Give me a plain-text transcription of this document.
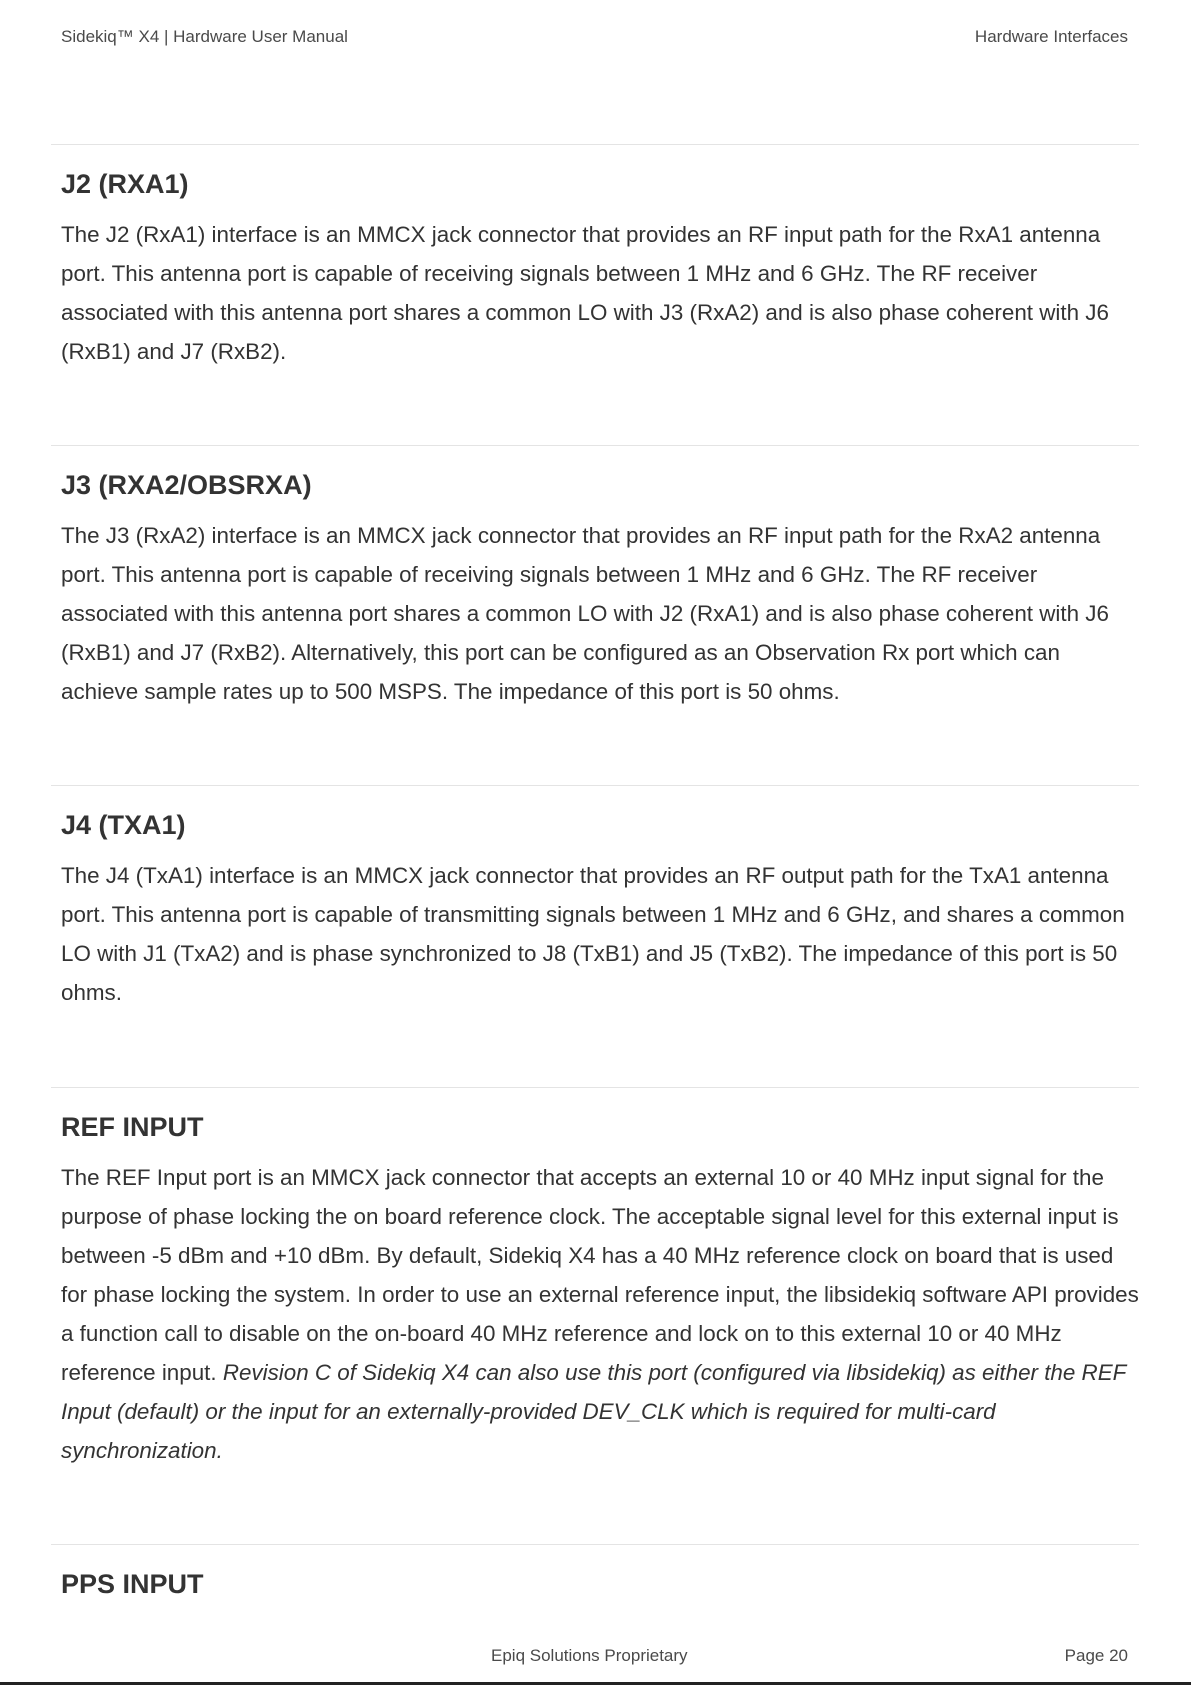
Sidekiq™ X4 | Hardware User Manual	Hardware Interfaces
J2 (RXA1)

The J2 (RxA1) interface is an MMCX jack connector that provides an RF input path for the RxA1 antenna port. This antenna port is capable of receiving signals between 1 MHz and 6 GHz. The RF receiver associated with this antenna port shares a common LO with J3 (RxA2) and is also phase coherent with J6 (RxB1) and J7 (RxB2).

J3 (RXA2/OBSRXA)

The J3 (RxA2) interface is an MMCX jack connector that provides an RF input path for the RxA2 antenna port. This antenna port is capable of receiving signals between 1 MHz and 6 GHz. The RF receiver associated with this antenna port shares a common LO with J2 (RxA1) and is also phase coherent with J6 (RxB1) and J7 (RxB2). Alternatively, this port can be configured as an Observation Rx port which can achieve sample rates up to 500 MSPS. The impedance of this port is 50 ohms.

J4 (TXA1)

The J4 (TxA1) interface is an MMCX jack connector that provides an RF output path for the TxA1 antenna port. This antenna port is capable of transmitting signals between 1 MHz and 6 GHz, and shares a common LO with J1 (TxA2) and is phase synchronized to J8 (TxB1) and J5 (TxB2). The impedance of this port is 50 ohms.

REF INPUT

The REF Input port is an MMCX jack connector that accepts an external 10 or 40 MHz input signal for the purpose of phase locking the on board reference clock. The acceptable signal level for this external input is between -5 dBm and +10 dBm. By default, Sidekiq X4 has a 40 MHz reference clock on board that is used for phase locking the system. In order to use an external reference input, the libsidekiq software API provides a function call to disable on the on-board 40 MHz reference and lock on to this external 10 or 40 MHz reference input. Revision C of Sidekiq X4 can also use this port (configured via libsidekiq) as either the REF Input (default) or the input for an externally-provided DEV_CLK which is required for multi-card synchronization.

PPS INPUT
Epiq Solutions Proprietary	Page 20
